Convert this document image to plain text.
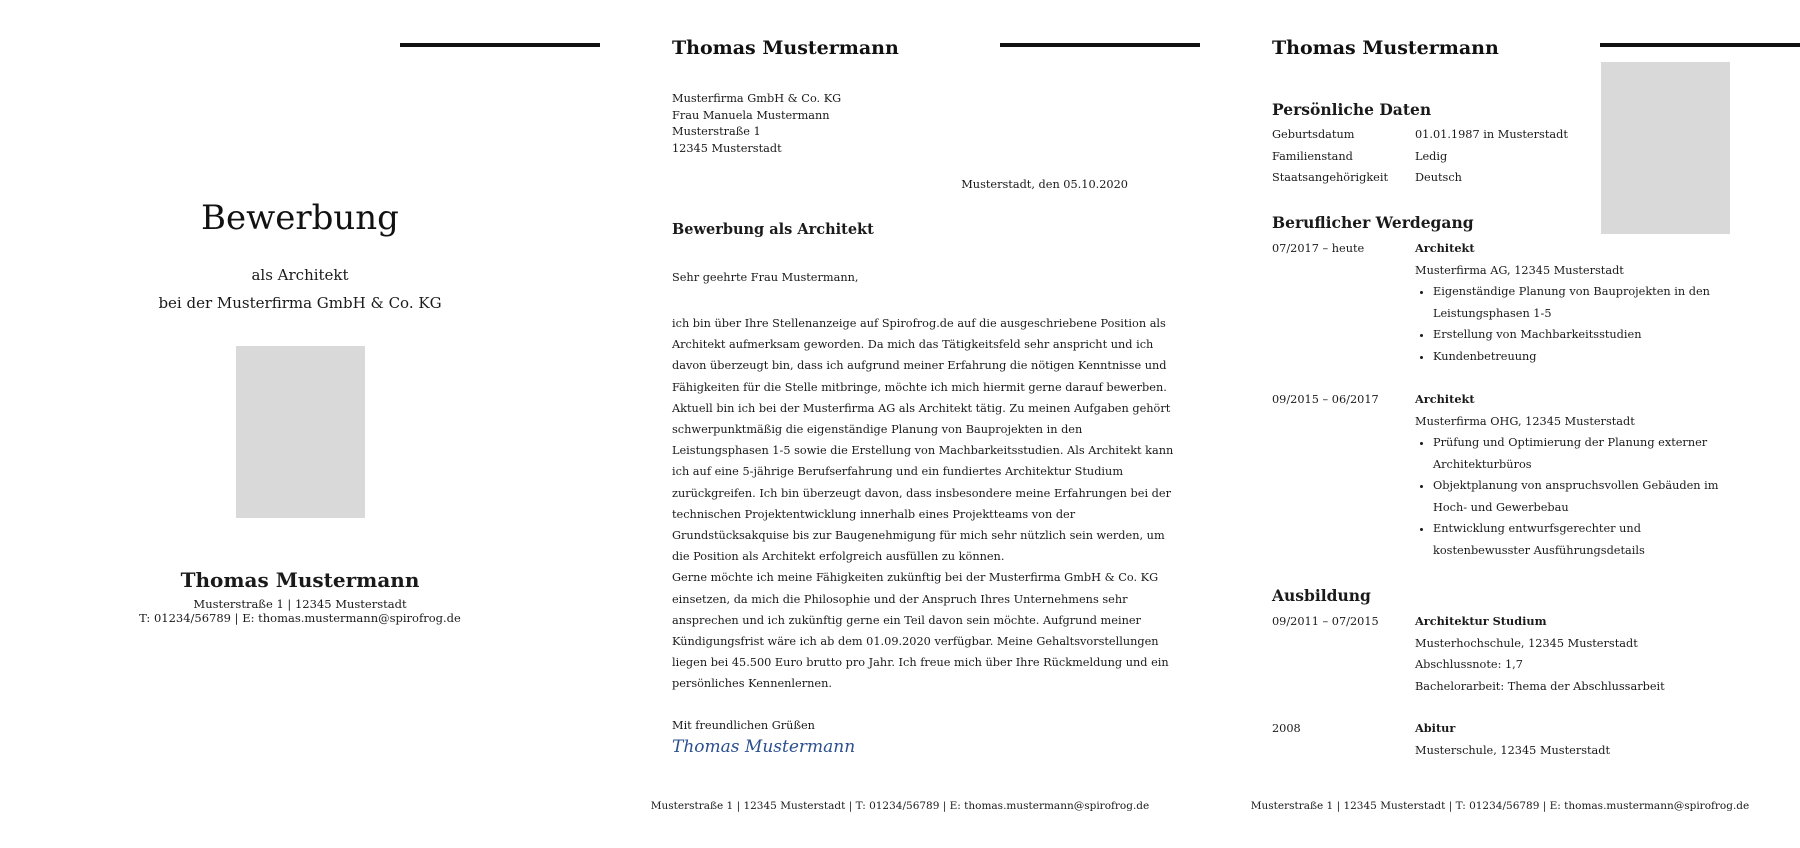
Bewerbung
als Architekt
bei der Musterfirma GmbH & Co. KG
Thomas Mustermann
Musterstraße 1 | 12345 Musterstadt
T: 01234/56789 | E: thomas.mustermann@spirofrog.de
Thomas Mustermann
Musterfirma GmbH & Co. KG
Frau Manuela Mustermann
Musterstraße 1
12345 Musterstadt
Musterstadt, den 05.10.2020
Bewerbung als Architekt
Sehr geehrte Frau Mustermann,

ich bin über Ihre Stellenanzeige auf Spirofrog.de auf die ausgeschriebene Position als

Architekt aufmerksam geworden. Da mich das Tätigkeitsfeld sehr anspricht und ich

davon überzeugt bin, dass ich aufgrund meiner Erfahrung die nötigen Kenntnisse und

Fähigkeiten für die Stelle mitbringe, möchte ich mich hiermit gerne darauf bewerben.

Aktuell bin ich bei der Musterfirma AG als Architekt tätig. Zu meinen Aufgaben gehört

schwerpunktmäßig die eigenständige Planung von Bauprojekten in den

Leistungsphasen 1-5 sowie die Erstellung von Machbarkeitsstudien. Als Architekt kann

ich auf eine 5-jährige Berufserfahrung und ein fundiertes Architektur Studium

zurückgreifen. Ich bin überzeugt davon, dass insbesondere meine Erfahrungen bei der

technischen Projektentwicklung innerhalb eines Projektteams von der

Grundstücksakquise bis zur Baugenehmigung für mich sehr nützlich sein werden, um

die Position als Architekt erfolgreich ausfüllen zu können.

Gerne möchte ich meine Fähigkeiten zukünftig bei der Musterfirma GmbH & Co. KG

einsetzen, da mich die Philosophie und der Anspruch Ihres Unternehmens sehr

ansprechen und ich zukünftig gerne ein Teil davon sein möchte. Aufgrund meiner

Kündigungsfrist wäre ich ab dem 01.09.2020 verfügbar. Meine Gehaltsvorstellungen

liegen bei 45.500 Euro brutto pro Jahr. Ich freue mich über Ihre Rückmeldung und ein

persönliches Kennenlernen.

Mit freundlichen Grüßen
Thomas Mustermann
Musterstraße 1 | 12345 Musterstadt | T: 01234/56789 | E: thomas.mustermann@spirofrog.de
Thomas Mustermann
Persönliche Daten
Geburtsdatum	01.01.1987 in Musterstadt
Familienstand	Ledig
Staatsangehörigkeit Deutsch
Beruflicher Werdegang
07/2017 – heute	Architekt
Musterfirma AG, 12345 Musterstadt
• Eigenständige Planung von Bauprojekten in den Leistungsphasen 1-5
• Erstellung von Machbarkeitsstudien
• Kundenbetreuung
09/2015 – 06/2017	Architekt
Musterfirma OHG, 12345 Musterstadt
• Prüfung und Optimierung der Planung externer Architekturbüros
• Objektplanung von anspruchsvollen Gebäuden im Hoch- und Gewerbebau
• Entwicklung entwurfsgerechter und kostenbewusster Ausführungsdetails
Ausbildung
09/2011 – 07/2015	Architektur Studium
Musterhochschule, 12345 Musterstadt
Abschlussnote: 1,7
Bachelorarbeit: Thema der Abschlussarbeit
2008	Abitur
Musterschule, 12345 Musterstadt
Musterstraße 1 | 12345 Musterstadt | T: 01234/56789 | E: thomas.mustermann@spirofrog.de
